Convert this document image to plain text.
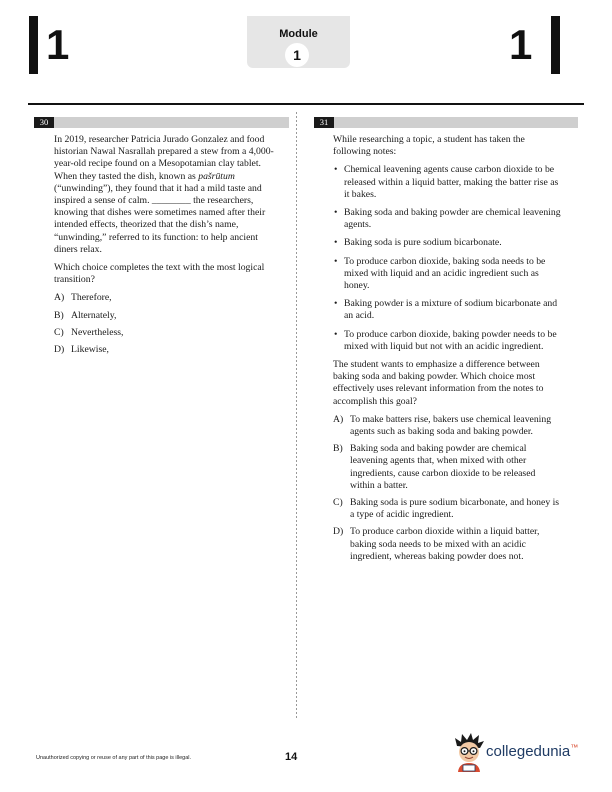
1	Module
1	1
30

In 2019, researcher Patricia Jurado Gonzalez and food historian Nawal Nasrallah prepared a stew from a 4,000-year-old recipe found on a Mesopotamian clay tablet. When they tasted the dish, known as pašrūtum (“unwinding”), they found that it had a mild taste and inspired a sense of calm. ________ the researchers, knowing that dishes were sometimes named after their intended effects, theorized that the dish’s name, “unwinding,” referred to its function: to help ancient diners relax.

Which choice completes the text with the most logical transition?

A) Therefore,
B) Alternately,
C) Nevertheless,
D) Likewise,
31

While researching a topic, a student has taken the following notes:

• Chemical leavening agents cause carbon dioxide to be released within a liquid batter, making the batter rise as it bakes.
• Baking soda and baking powder are chemical leavening agents.
• Baking soda is pure sodium bicarbonate.
• To produce carbon dioxide, baking soda needs to be mixed with liquid and an acidic ingredient such as honey.
• Baking powder is a mixture of sodium bicarbonate and an acid.
• To produce carbon dioxide, baking powder needs to be mixed with liquid but not with an acidic ingredient.

The student wants to emphasize a difference between baking soda and baking powder. Which choice most effectively uses relevant information from the notes to accomplish this goal?

A) To make batters rise, bakers use chemical leavening agents such as baking soda and baking powder.
B) Baking soda and baking powder are chemical leavening agents that, when mixed with other ingredients, cause carbon dioxide to be released within a batter.
C) Baking soda is pure sodium bicarbonate, and honey is a type of acidic ingredient.
D) To produce carbon dioxide within a liquid batter, baking soda needs to be mixed with an acidic ingredient, whereas baking powder does not.
Unauthorized copying or reuse of any part of this page is illegal.	14	collegedunia™
